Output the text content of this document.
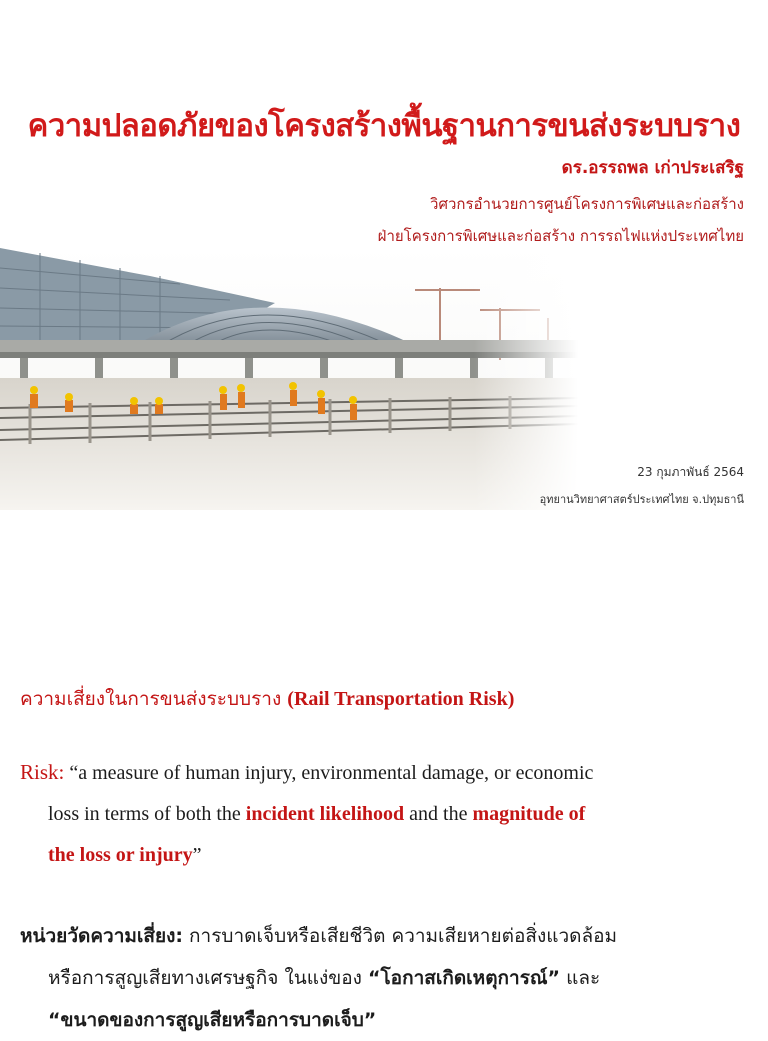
ความปลอดภัยของโครงสร้างพื้นฐานการขนส่งระบบราง
ดร.อรรถพล เก่าประเสริฐ
วิศวกรอำนวยการศูนย์โครงการพิเศษและก่อสร้าง
ฝ่ายโครงการพิเศษและก่อสร้าง การรถไฟแห่งประเทศไทย
23 กุมภาพันธ์ 2564
อุทยานวิทยาศาสตร์ประเทศไทย จ.ปทุมธานี
ความเสี่ยงในการขนส่งระบบราง (Rail Transportation Risk)
Risk: “a measure of human injury, environmental damage, or economic
loss in terms of both the incident likelihood and the magnitude of
the loss or injury”
หน่วยวัดความเสี่ยง: การบาดเจ็บหรือเสียชีวิต ความเสียหายต่อสิ่งแวดล้อม
หรือการสูญเสียทางเศรษฐกิจ ในแง่ของ “โอกาสเกิดเหตุการณ์” และ
“ขนาดของการสูญเสียหรือการบาดเจ็บ”
